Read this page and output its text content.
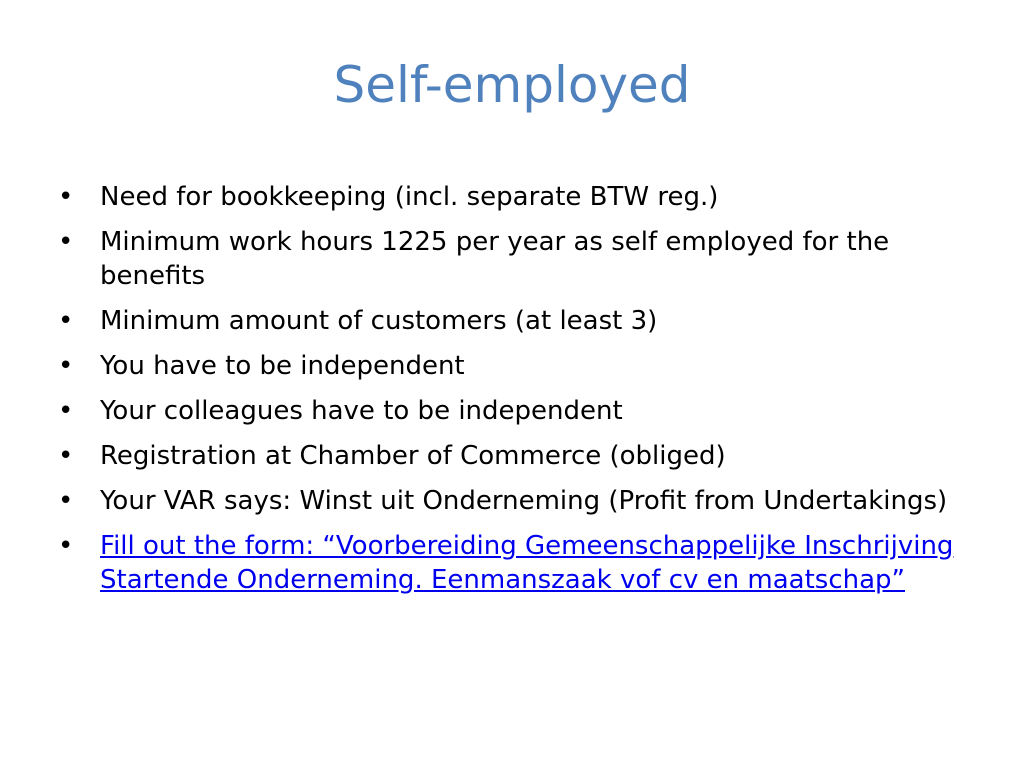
Self-employed
• Need for bookkeeping (incl. separate BTW reg.)
• Minimum work hours 1225 per year as self employed for the benefits
• Minimum amount of customers (at least 3)
• You have to be independent
• Your colleagues have to be independent
• Registration at Chamber of Commerce (obliged)
• Your VAR says: Winst uit Onderneming (Profit from Undertakings)
• Fill out the form: “Voorbereiding Gemeenschappelijke Inschrijving Startende Onderneming. Eenmanszaak vof cv en maatschap”
